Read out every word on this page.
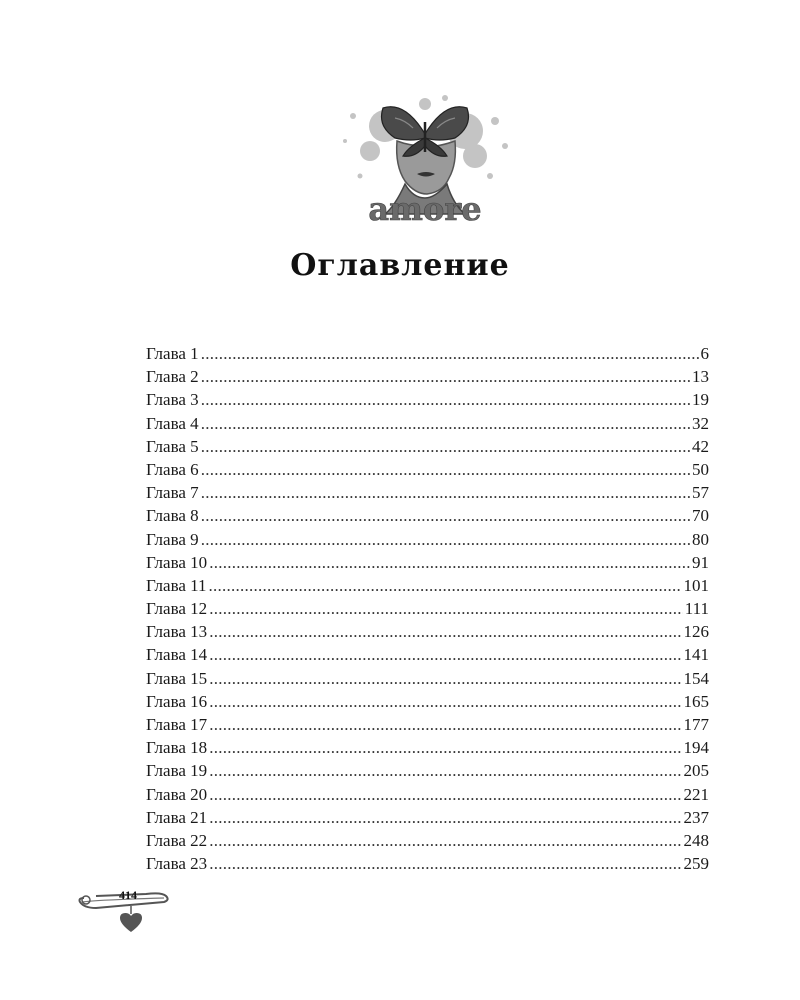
amore
Оглавление
Глава 1 . . .	6
Глава 2 . . .	13
Глава 3 . . .	19
Глава 4 . . .	32
Глава 5 . . .	42
Глава 6 . . .	50
Глава 7 . . .	57
Глава 8 . . .	70
Глава 9 . . .	80
Глава 10 . . .	91
Глава 11 . . .	101
Глава 12 . . .	111
Глава 13 . . .	126
Глава 14 . . .	141
Глава 15 . . .	154
Глава 16 . . .	165
Глава 17 . . .	177
Глава 18 . . .	194
Глава 19 . . .	205
Глава 20 . . .	221
Глава 21 . . .	237
Глава 22 . . .	248
Глава 23 . . .	259
414
